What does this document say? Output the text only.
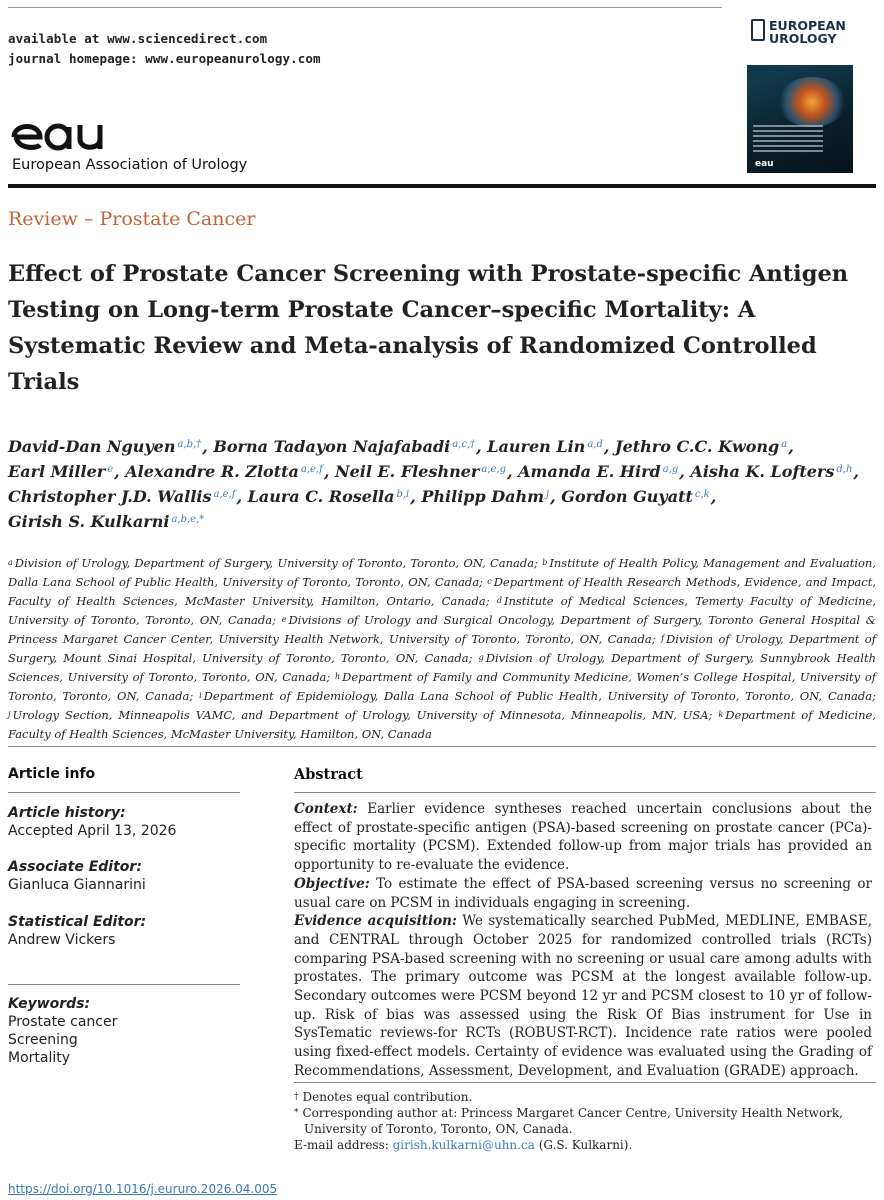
available at www.sciencedirect.com
journal homepage: www.europeanurology.com
European Association of Urology
EUROPEAN
UROLOGY
eau
Review – Prostate Cancer
Effect of Prostate Cancer Screening with Prostate-specific Antigen Testing on Long-term Prostate Cancer–specific Mortality: A Systematic Review and Meta-analysis of Randomized Controlled Trials
David-Dan Nguyen $^{a,b,\dagger}$, Borna Tadayon Najafabadi $^{a,c,\dagger}$, Lauren Lin $^{a,d}$, Jethro C.C. Kwong $^a$,
Earl Miller $^e$, Alexandre R. Zlotta $^{a,e,f}$, Neil E. Fleshner $^{a,e,g}$, Amanda E. Hird $^{a,g}$, Aisha K. Lofters $^{d,h}$,
Christopher J.D. Wallis $^{a,e,f}$, Laura C. Rosella $^{b,i}$, Philipp Dahm $^j$, Gordon Guyatt $^{c,k}$,
Girish S. Kulkarni $^{a,b,e,*}$
$^a$ Division of Urology, Department of Surgery, University of Toronto, Toronto, ON, Canada; $^b$ Institute of Health Policy, Management and Evaluation, Dalla Lana School of Public Health, University of Toronto, Toronto, ON, Canada; $^c$ Department of Health Research Methods, Evidence, and Impact, Faculty of Health Sciences, McMaster University, Hamilton, Ontario, Canada; $^d$ Institute of Medical Sciences, Temerty Faculty of Medicine, University of Toronto, Toronto, ON, Canada; $^e$ Divisions of Urology and Surgical Oncology, Department of Surgery, Toronto General Hospital & Princess Margaret Cancer Center, University Health Network, University of Toronto, Toronto, ON, Canada; $^f$ Division of Urology, Department of Surgery, Mount Sinai Hospital, University of Toronto, Toronto, ON, Canada; $^g$ Division of Urology, Department of Surgery, Sunnybrook Health Sciences, University of Toronto, Toronto, ON, Canada; $^h$ Department of Family and Community Medicine, Women’s College Hospital, University of Toronto, Toronto, ON, Canada; $^i$ Department of Epidemiology, Dalla Lana School of Public Health, University of Toronto, Toronto, ON, Canada; $^j$ Urology Section, Minneapolis VAMC, and Department of Urology, University of Minnesota, Minneapolis, MN, USA; $^k$ Department of Medicine, Faculty of Health Sciences, McMaster University, Hamilton, ON, Canada
Article info
Article history:
Accepted April 13, 2026
Associate Editor:
Gianluca Giannarini
Statistical Editor:
Andrew Vickers
Keywords:
Prostate cancer
Screening
Mortality
Abstract
Context: Earlier evidence syntheses reached uncertain conclusions about the effect of prostate-specific antigen (PSA)-based screening on prostate cancer (PCa)-specific mortality (PCSM). Extended follow-up from major trials has provided an opportunity to re-evaluate the evidence.
Objective: To estimate the effect of PSA-based screening versus no screening or usual care on PCSM in individuals engaging in screening.
Evidence acquisition: We systematically searched PubMed, MEDLINE, EMBASE, and CENTRAL through October 2025 for randomized controlled trials (RCTs) comparing PSA-based screening with no screening or usual care among adults with prostates. The primary outcome was PCSM at the longest available follow-up. Secondary outcomes were PCSM beyond 12 yr and PCSM closest to 10 yr of follow-up. Risk of bias was assessed using the Risk Of Bias instrument for Use in SysTematic reviews-for RCTs (ROBUST-RCT). Incidence rate ratios were pooled using fixed-effect models. Certainty of evidence was evaluated using the Grading of Recommendations, Assessment, Development, and Evaluation (GRADE) approach.
† Denotes equal contribution.
* Corresponding author at: Princess Margaret Cancer Centre, University Health Network, University of Toronto, Toronto, ON, Canada.
E-mail address: girish.kulkarni@uhn.ca (G.S. Kulkarni).
https://doi.org/10.1016/j.eururo.2026.04.005
